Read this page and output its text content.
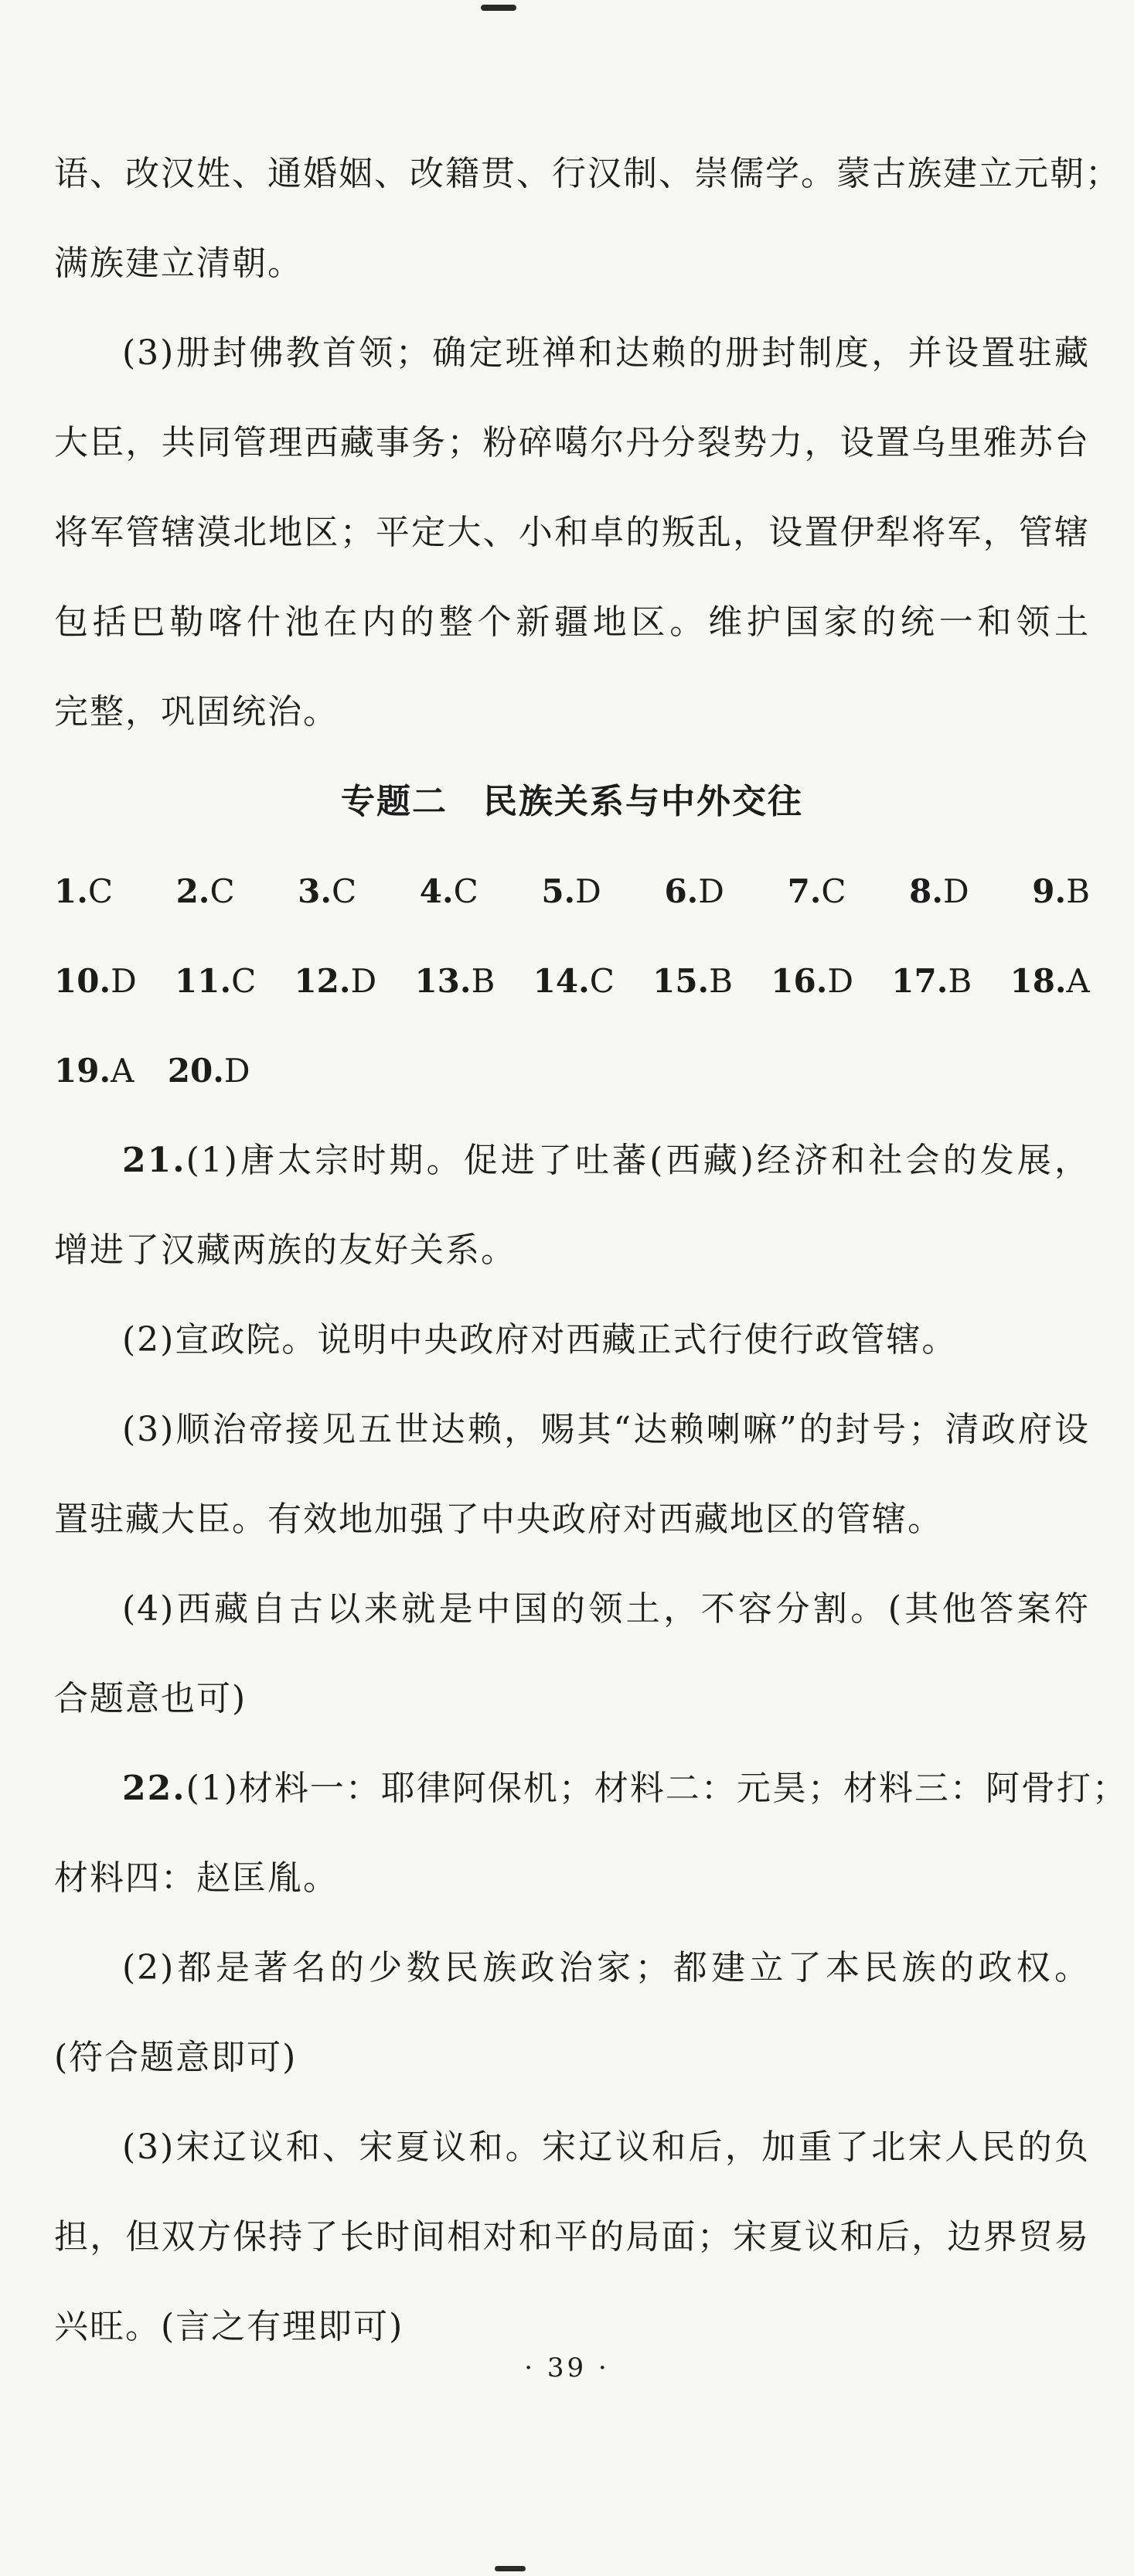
语、改汉姓、通婚姻、改籍贯、行汉制、崇儒学。蒙古族建立元朝；
满族建立清朝。
(3)册封佛教首领；确定班禅和达赖的册封制度，并设置驻藏
大臣，共同管理西藏事务；粉碎噶尔丹分裂势力，设置乌里雅苏台
将军管辖漠北地区；平定大、小和卓的叛乱，设置伊犁将军，管辖
包括巴勒喀什池在内的整个新疆地区。维护国家的统一和领土
完整，巩固统治。
专题二　民族关系与中外交往
1.C 2.C 3.C 4.C 5.D 6.D 7.C 8.D 9.B
10.D 11.C 12.D 13.B 14.C 15.B 16.D 17.B 18.A
19.A 20.D
21.(1)唐太宗时期。促进了吐蕃(西藏)经济和社会的发展，
增进了汉藏两族的友好关系。
(2)宣政院。说明中央政府对西藏正式行使行政管辖。
(3)顺治帝接见五世达赖，赐其“达赖喇嘛”的封号；清政府设
置驻藏大臣。有效地加强了中央政府对西藏地区的管辖。
(4)西藏自古以来就是中国的领土，不容分割。(其他答案符
合题意也可)
22.(1)材料一：耶律阿保机；材料二：元昊；材料三：阿骨打；
材料四：赵匡胤。
(2)都是著名的少数民族政治家；都建立了本民族的政权。
(符合题意即可)
(3)宋辽议和、宋夏议和。宋辽议和后，加重了北宋人民的负
担，但双方保持了长时间相对和平的局面；宋夏议和后，边界贸易
兴旺。(言之有理即可)
· 39 ·
